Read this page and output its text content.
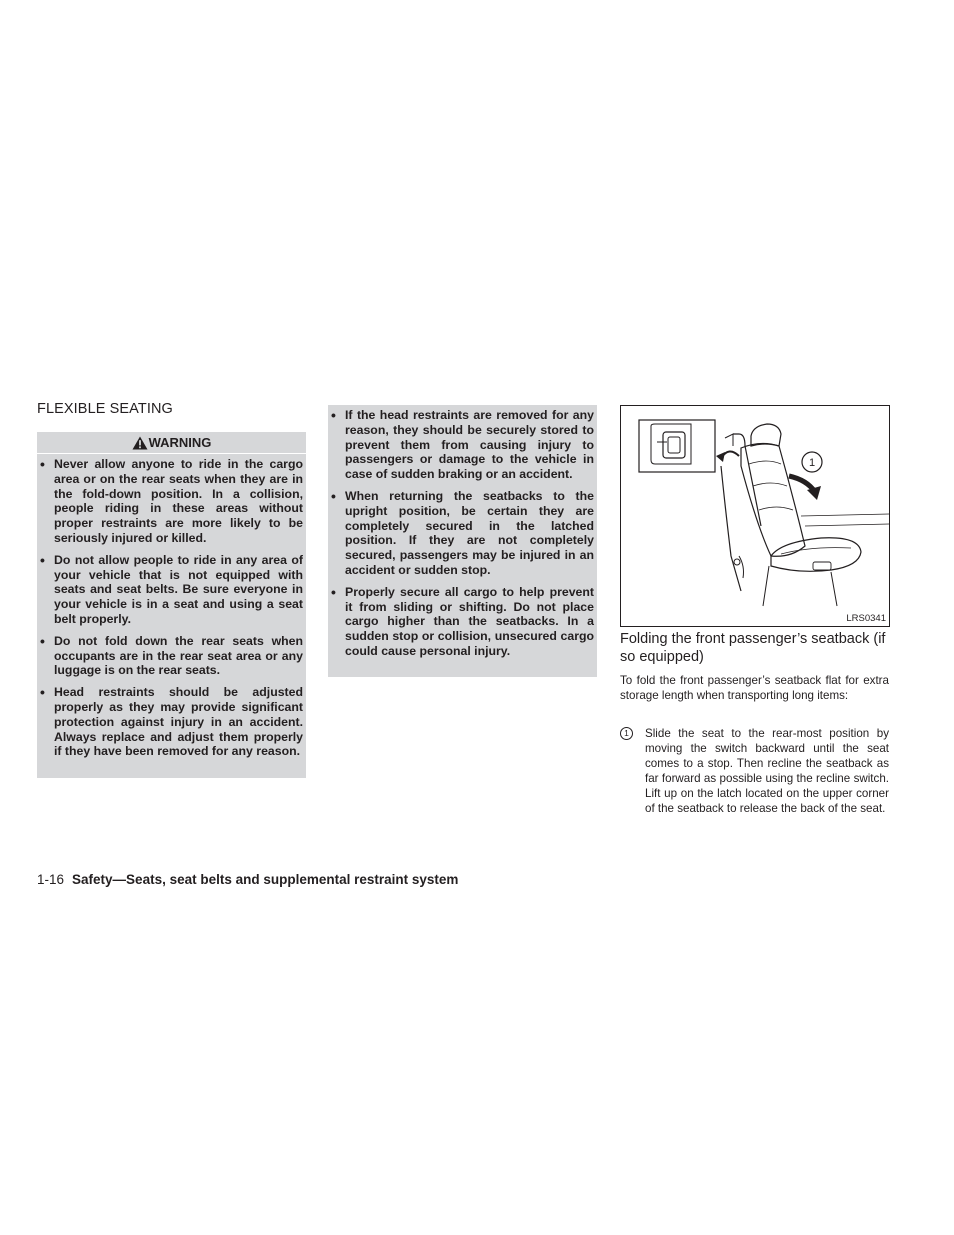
FLEXIBLE SEATING
WARNING
• Never allow anyone to ride in the cargo area or on the rear seats when they are in the fold-down position. In a collision, people riding in these areas without proper restraints are more likely to be seriously injured or killed.
• Do not allow people to ride in any area of your vehicle that is not equipped with seats and seat belts. Be sure everyone in your vehicle is in a seat and using a seat belt properly.
• Do not fold down the rear seats when occupants are in the rear seat area or any luggage is on the rear seats.
• Head restraints should be adjusted properly as they may provide significant protection against injury in an accident. Always replace and adjust them properly if they have been removed for any reason.
• If the head restraints are removed for any reason, they should be securely stored to prevent them from causing injury to passengers or damage to the vehicle in case of sudden braking or an accident.
• When returning the seatbacks to the upright position, be certain they are completely secured in the latched position. If they are not completely secured, passengers may be injured in an accident or sudden stop.
• Properly secure all cargo to help prevent it from sliding or shifting. Do not place cargo higher than the seatbacks. In a sudden stop or collision, unsecured cargo could cause personal injury.
1
LRS0341
Folding the front passenger’s seatback (if so equipped)
To fold the front passenger’s seatback flat for extra storage length when transporting long items:
1	Slide the seat to the rear-most position by moving the switch backward until the seat comes to a stop. Then recline the seatback as far forward as possible using the recline switch. Lift up on the latch located on the upper corner of the seatback to release the back of the seat.
1-16 Safety—Seats, seat belts and supplemental restraint system
